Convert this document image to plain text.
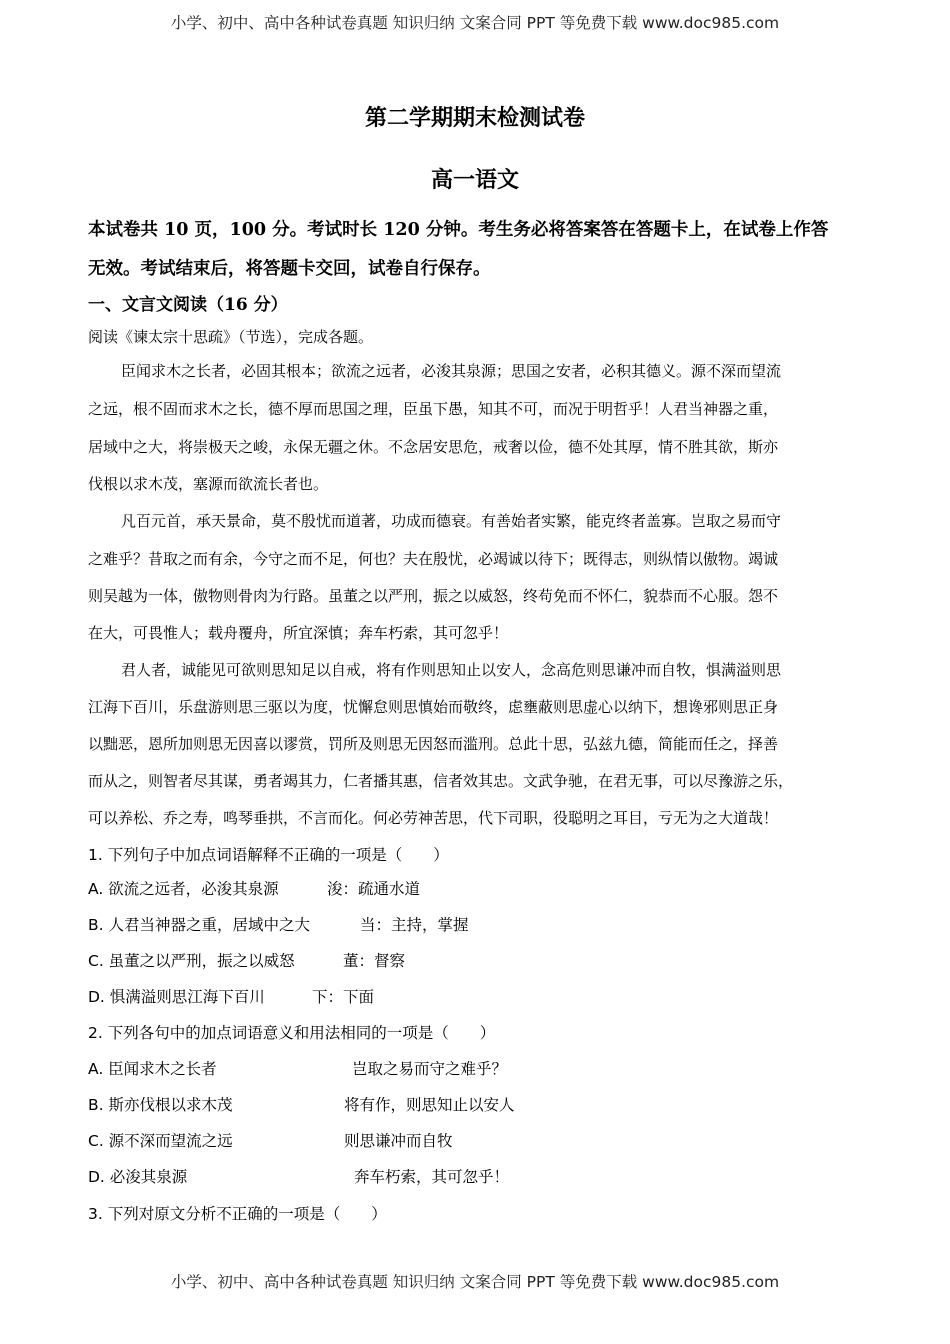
小学、初中、高中各种试卷真题 知识归纳 文案合同 PPT 等免费下载 www.doc985.com
第二学期期末检测试卷
高一语文
本试卷共 10 页，100 分。考试时长 120 分钟。考生务必将答案答在答题卡上，在试卷上作答
无效。考试结束后，将答题卡交回，试卷自行保存。
一、文言文阅读（16 分）
阅读《谏太宗十思疏》（节选），完成各题。
臣闻求木之长者，必固其根本；欲流之远者，必浚其泉源；思国之安者，必积其德义。源不深而望流
之远，根不固而求木之长，德不厚而思国之理，臣虽下愚，知其不可，而况于明哲乎！人君当神器之重，
居域中之大，将崇极天之峻，永保无疆之休。不念居安思危，戒奢以俭，德不处其厚，情不胜其欲，斯亦
伐根以求木茂，塞源而欲流长者也。
凡百元首，承天景命，莫不殷忧而道著，功成而德衰。有善始者实繁，能克终者盖寡。岂取之易而守
之难乎？昔取之而有余，今守之而不足，何也？夫在殷忧，必竭诚以待下；既得志，则纵情以傲物。竭诚
则吴越为一体，傲物则骨肉为行路。虽董之以严刑，振之以威怒，终苟免而不怀仁，貌恭而不心服。怨不
在大，可畏惟人；载舟覆舟，所宜深慎；奔车朽索，其可忽乎！
君人者，诚能见可欲则思知足以自戒，将有作则思知止以安人，念高危则思谦冲而自牧，惧满溢则思
江海下百川，乐盘游则思三驱以为度，忧懈怠则思慎始而敬终，虑壅蔽则思虚心以纳下，想谗邪则思正身
以黜恶，恩所加则思无因喜以谬赏，罚所及则思无因怒而滥刑。总此十思，弘兹九德，简能而任之，择善
而从之，则智者尽其谋，勇者竭其力，仁者播其惠，信者效其忠。文武争驰，在君无事，可以尽豫游之乐，
可以养松、乔之寿，鸣琴垂拱，不言而化。何必劳神苦思，代下司职，役聪明之耳目，亏无为之大道哉！
1. 下列句子中加点词语解释不正确的一项是（　　）
A. 欲流之远者，必浚其泉源	浚：疏通水道
B. 人君当神器之重，居域中之大	当：主持，掌握
C. 虽董之以严刑，振之以威怒	董：督察
D. 惧满溢则思江海下百川	下：下面
2. 下列各句中的加点词语意义和用法相同的一项是（　　）
A. 臣闻求木之长者	岂取之易而守之难乎？
B. 斯亦伐根以求木茂	将有作，则思知止以安人
C. 源不深而望流之远	则思谦冲而自牧
D. 必浚其泉源	奔车朽索，其可忽乎！
3. 下列对原文分析不正确的一项是（　　）
小学、初中、高中各种试卷真题 知识归纳 文案合同 PPT 等免费下载 www.doc985.com
